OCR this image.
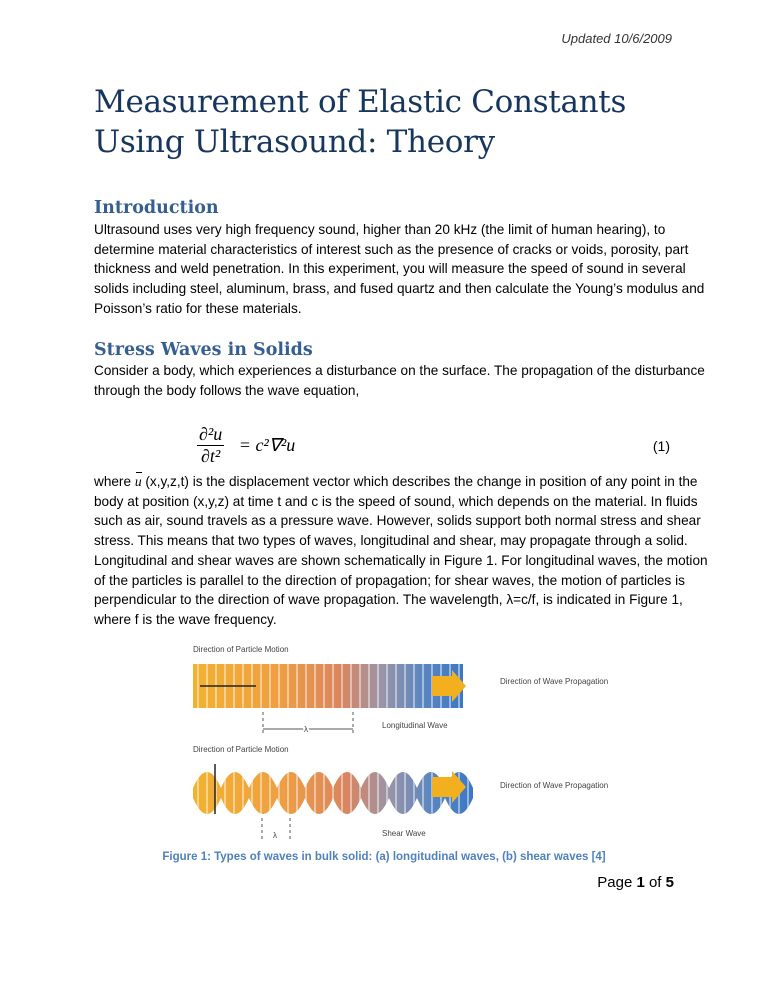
Updated 10/6/2009
Measurement of Elastic Constants Using Ultrasound: Theory
Introduction
Ultrasound uses very high frequency sound, higher than 20 kHz (the limit of human hearing), to
determine material characteristics of interest such as the presence of cracks or voids, porosity, part
thickness and weld penetration. In this experiment, you will measure the speed of sound in several
solids including steel, aluminum, brass, and fused quartz and then calculate the Young’s modulus and
Poisson’s ratio for these materials.
Stress Waves in Solids
Consider a body, which experiences a disturbance on the surface. The propagation of the disturbance
through the body follows the wave equation,
$\frac{\text{∂²u}}{\text{∂t²}} = c^2\nabla^2u$	(1)
where u (x,y,z,t) is the displacement vector which describes the change in position of any point in the
body at position (x,y,z) at time t and c is the speed of sound, which depends on the material. In fluids
such as air, sound travels as a pressure wave. However, solids support both normal stress and shear
stress. This means that two types of waves, longitudinal and shear, may propagate through a solid.
Longitudinal and shear waves are shown schematically in Figure 1. For longitudinal waves, the motion
of the particles is parallel to the direction of propagation; for shear waves, the motion of particles is
perpendicular to the direction of wave propagation. The wavelength, λ=c/f, is indicated in Figure 1,
where f is the wave frequency.
Direction of Particle Motion
Direction of Wave Propagation
λ	Longitudinal Wave
Direction of Particle Motion
Direction of Wave Propagation
λ	Shear Wave
Figure 1: Types of waves in bulk solid: (a) longitudinal waves, (b) shear waves [4]
Page 1 of 5
